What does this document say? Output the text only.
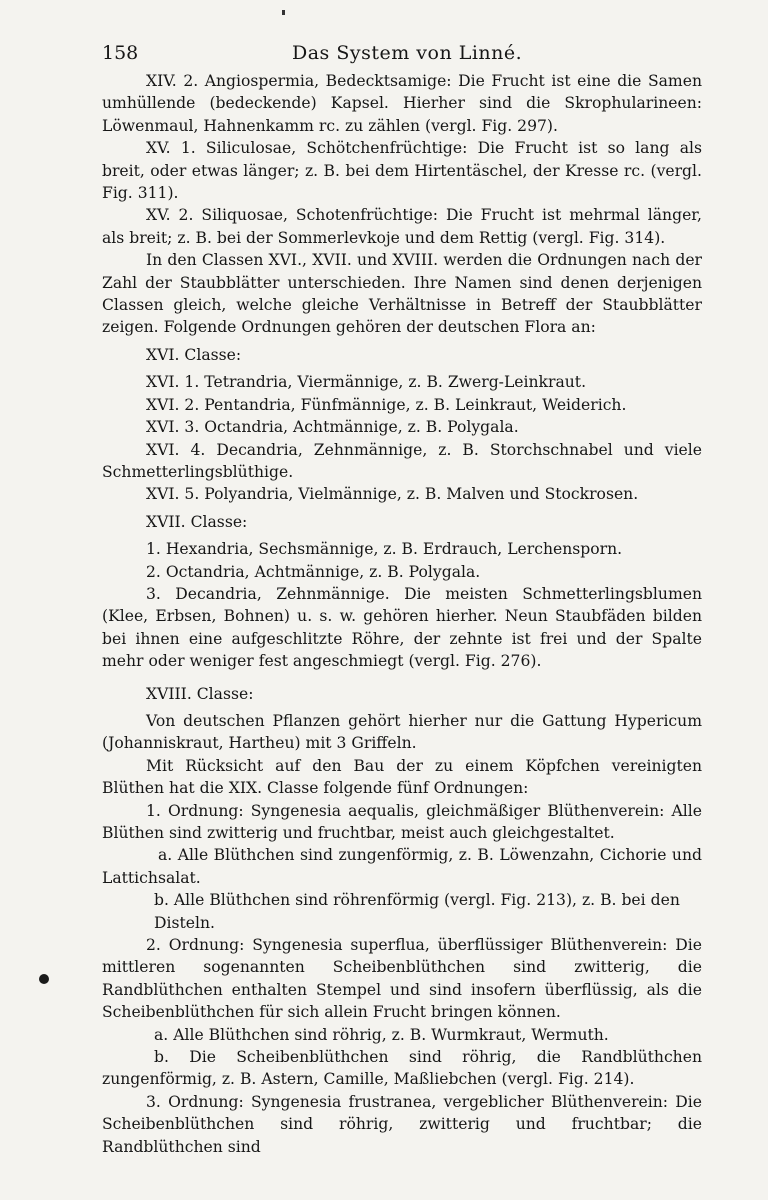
158	Das System von Linné.

XIV. 2. Angiospermia, Bedecktsamige: Die Frucht ist eine die Samen umhüllende (bedeckende) Kapsel. Hierher sind die Skrophularineen: Löwenmaul, Hahnenkamm rc. zu zählen (vergl. Fig. 297).

XV. 1. Siliculosae, Schötchenfrüchtige: Die Frucht ist so lang als breit, oder etwas länger; z. B. bei dem Hirtentäschel, der Kresse rc. (vergl. Fig. 311).

XV. 2. Siliquosae, Schotenfrüchtige: Die Frucht ist mehrmal länger, als breit; z. B. bei der Sommerlevkoje und dem Rettig (vergl. Fig. 314).

In den Classen XVI., XVII. und XVIII. werden die Ordnungen nach der Zahl der Staubblätter unterschieden. Ihre Namen sind denen derjenigen Classen gleich, welche gleiche Verhältnisse in Betreff der Staubblätter zeigen. Folgende Ordnungen gehören der deutschen Flora an:

XVI. Classe:

XVI. 1. Tetrandria, Viermännige, z. B. Zwerg-Leinkraut.

XVI. 2. Pentandria, Fünfmännige, z. B. Leinkraut, Weiderich.

XVI. 3. Octandria, Achtmännige, z. B. Polygala.

XVI. 4. Decandria, Zehnmännige, z. B. Storchschnabel und viele Schmetterlingsblüthige.

XVI. 5. Polyandria, Vielmännige, z. B. Malven und Stockrosen.

XVII. Classe:

1. Hexandria, Sechsmännige, z. B. Erdrauch, Lerchensporn.

2. Octandria, Achtmännige, z. B. Polygala.

3. Decandria, Zehnmännige. Die meisten Schmetterlingsblumen (Klee, Erbsen, Bohnen) u. s. w. gehören hierher. Neun Staubfäden bilden bei ihnen eine aufgeschlitzte Röhre, der zehnte ist frei und der Spalte mehr oder weniger fest angeschmiegt (vergl. Fig. 276).

XVIII. Classe:

Von deutschen Pflanzen gehört hierher nur die Gattung Hypericum (Johanniskraut, Hartheu) mit 3 Griffeln.

Mit Rücksicht auf den Bau der zu einem Köpfchen vereinigten Blüthen hat die XIX. Classe folgende fünf Ordnungen:

1. Ordnung: Syngenesia aequalis, gleichmäßiger Blüthenverein: Alle Blüthen sind zwitterig und fruchtbar, meist auch gleichgestaltet.

a. Alle Blüthchen sind zungenförmig, z. B. Löwenzahn, Cichorie und Lattichsalat.

b. Alle Blüthchen sind röhrenförmig (vergl. Fig. 213), z. B. bei den Disteln.

2. Ordnung: Syngenesia superflua, überflüssiger Blüthenverein: Die mittleren sogenannten Scheibenblüthchen sind zwitterig, die Randblüthchen enthalten Stempel und sind insofern überflüssig, als die Scheibenblüthchen für sich allein Frucht bringen können.

a. Alle Blüthchen sind röhrig, z. B. Wurmkraut, Wermuth.

b. Die Scheibenblüthchen sind röhrig, die Randblüthchen zungenförmig, z. B. Astern, Camille, Maßliebchen (vergl. Fig. 214).

3. Ordnung: Syngenesia frustranea, vergeblicher Blüthenverein: Die Scheibenblüthchen sind röhrig, zwitterig und fruchtbar; die Randblüthchen sind
